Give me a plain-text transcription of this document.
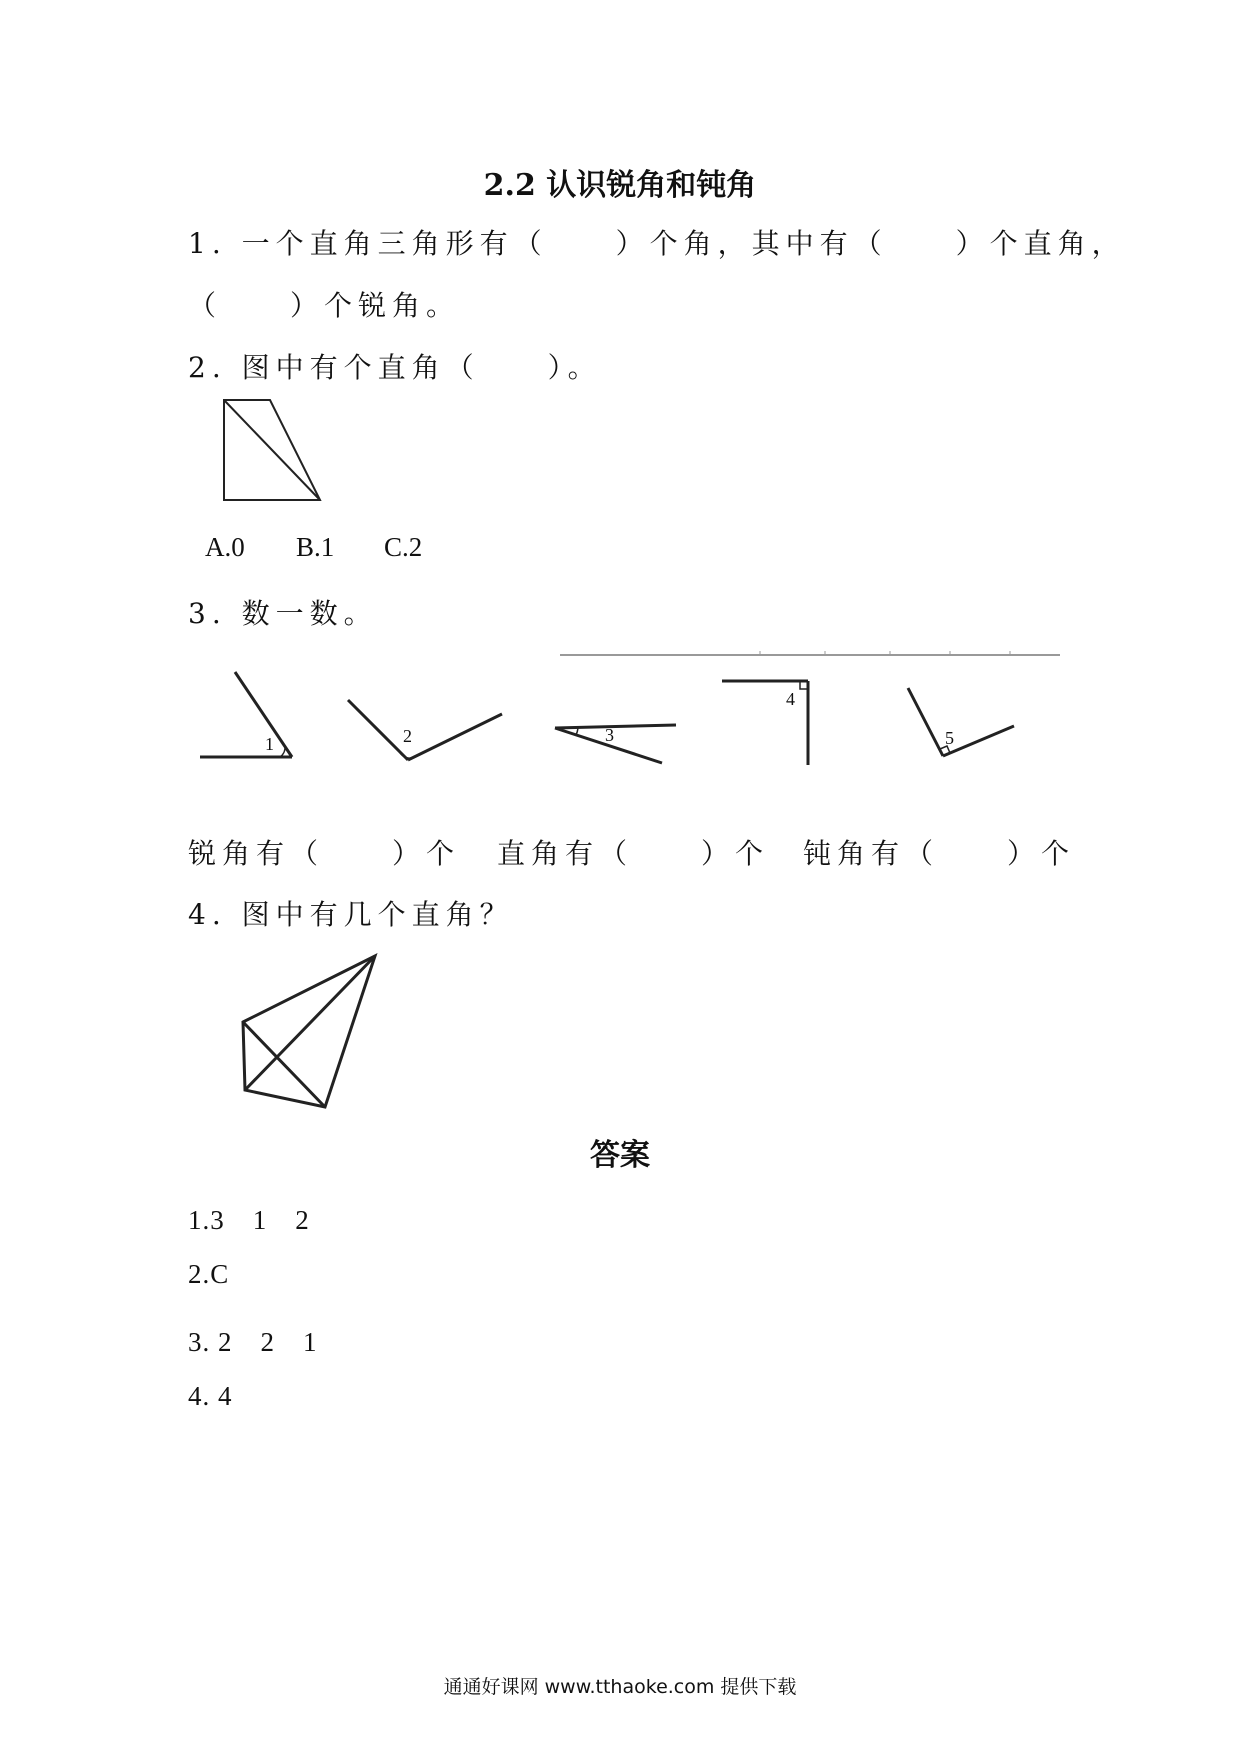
2.2 认识锐角和钝角
1. 一个直角三角形有（　　）个角，其中有（　　）个直角，
（　　）个锐角。
2. 图中有个直角（　　）。
1	2	3
4
5
A.0 B.1 C.2
3. 数一数。
锐角有（　　）个 直角有（　　）个 钝角有（　　）个
4. 图中有几个直角？
答案
1.3　1　2
2.C
3. 2　2　1
4. 4
通通好课网 www.tthaoke.com 提供下载
